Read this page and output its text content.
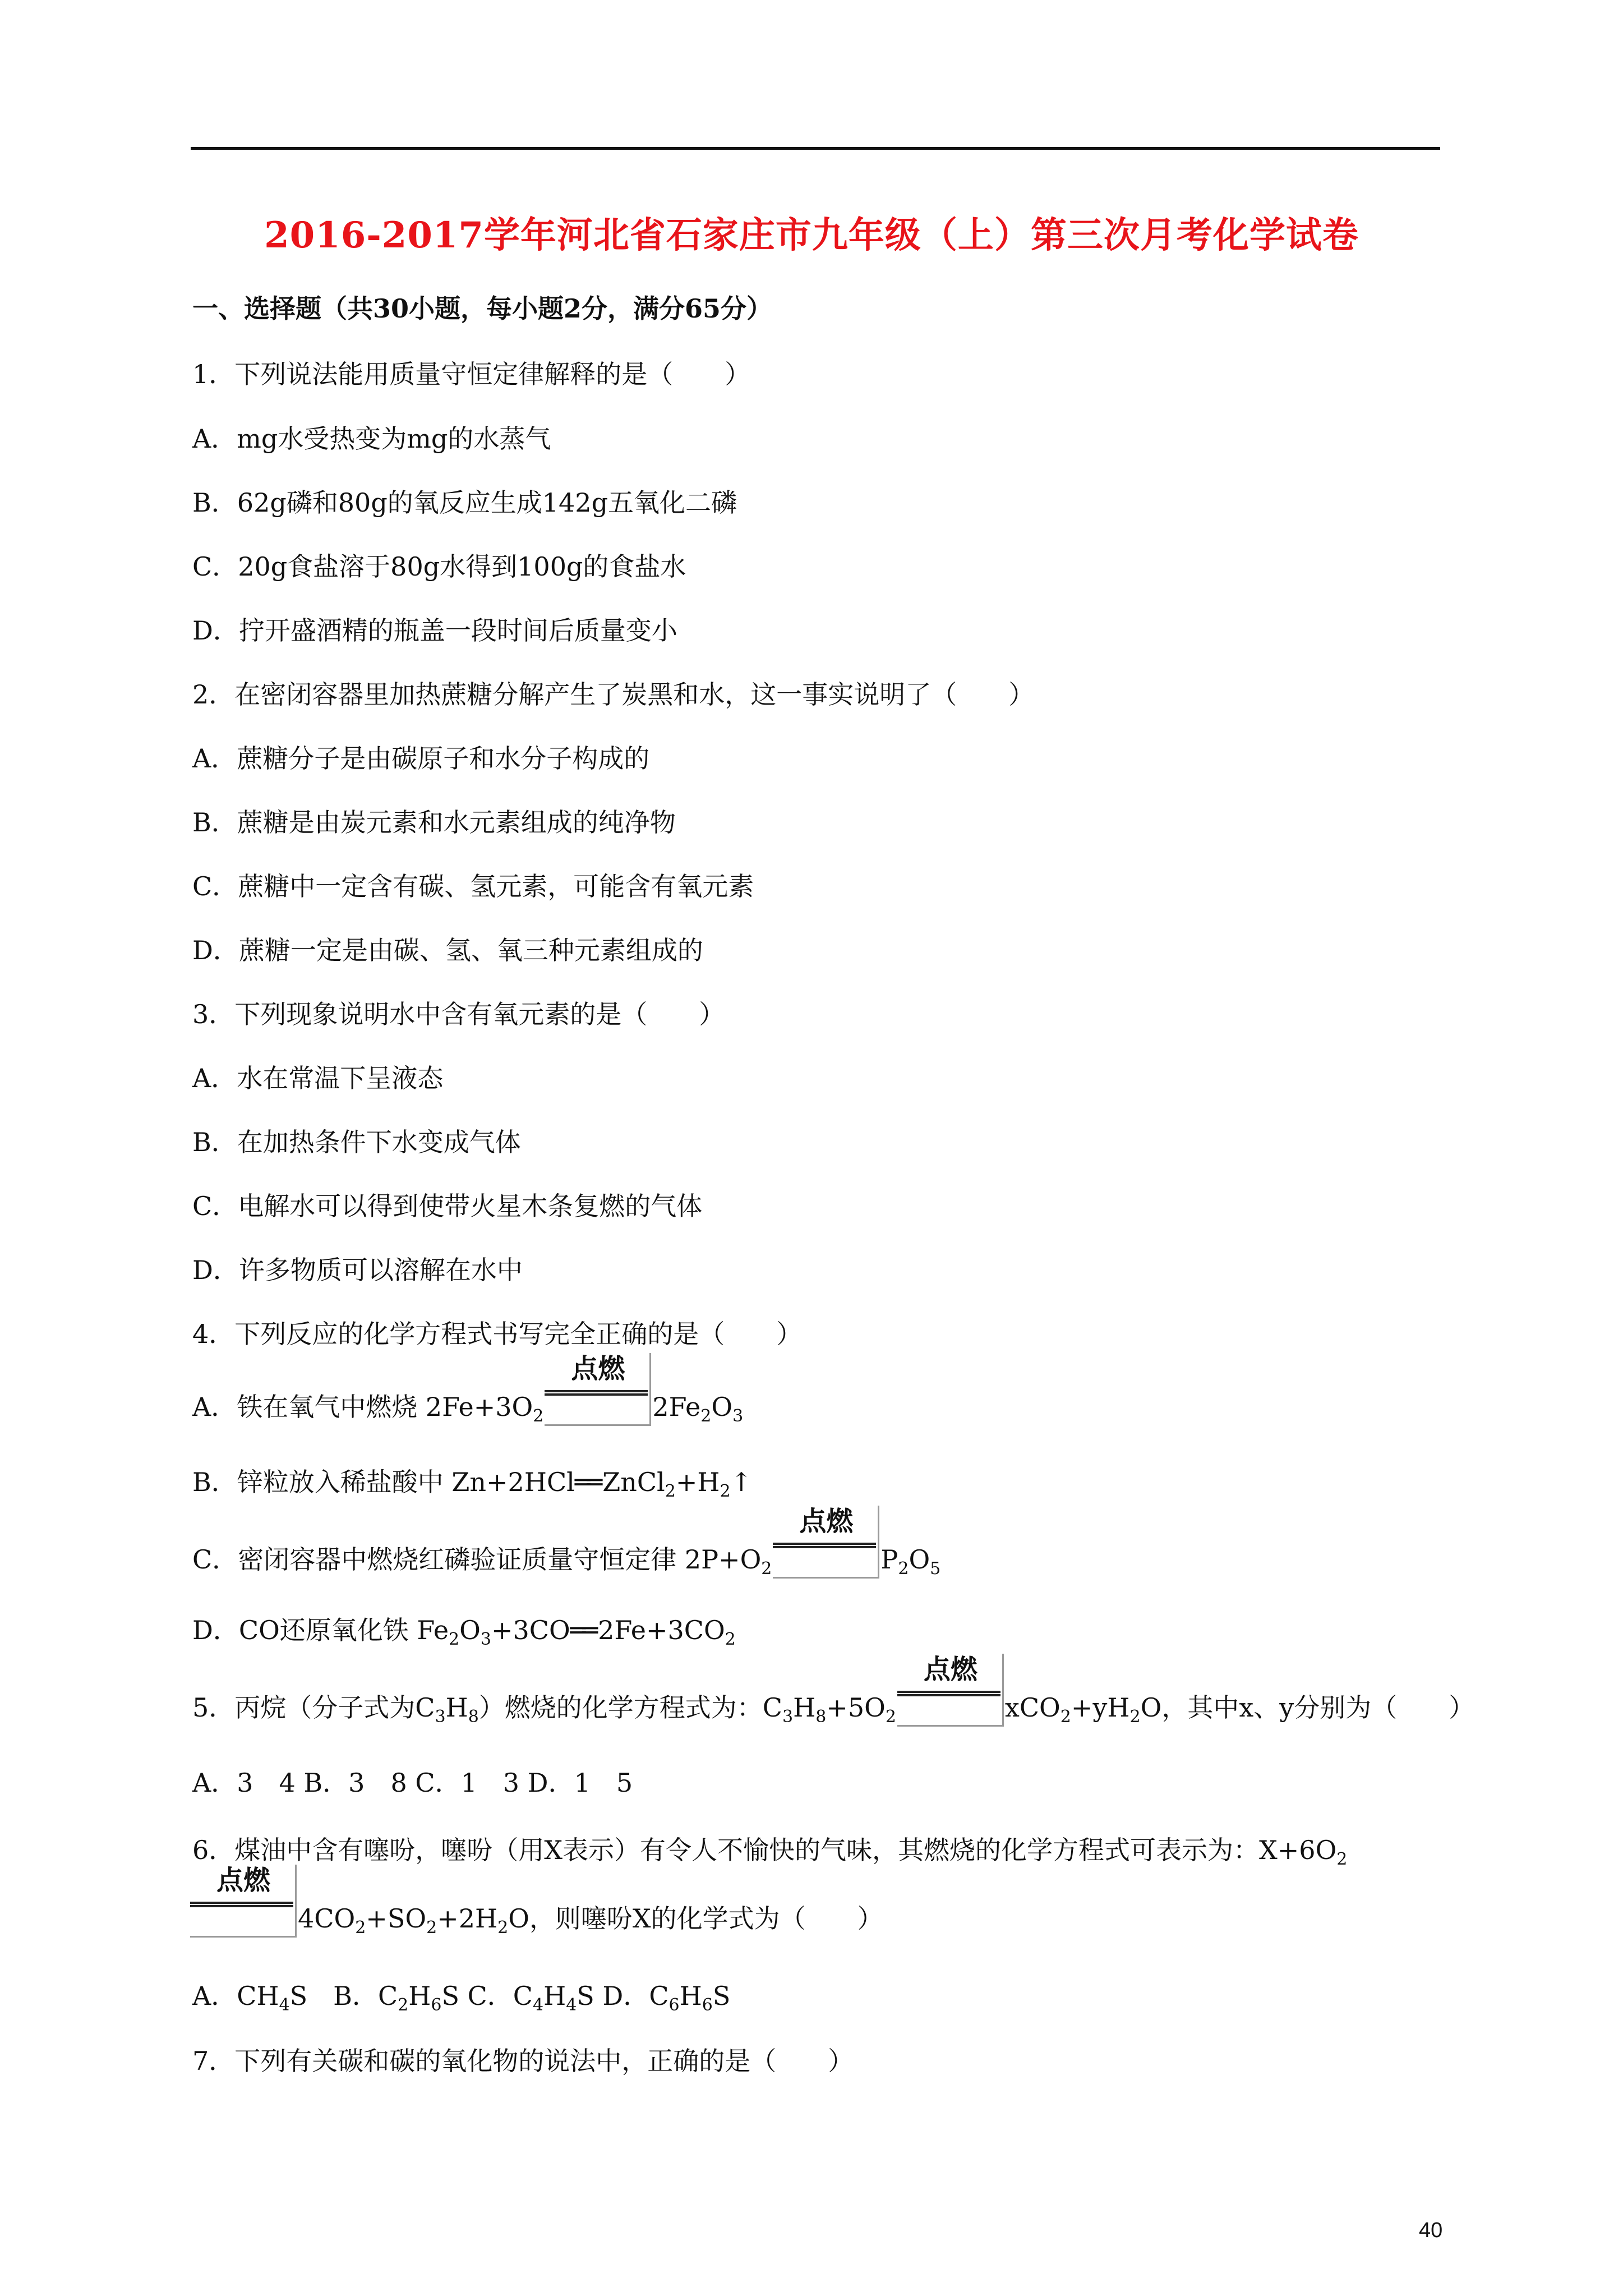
2016-2017学年河北省石家庄市九年级（上）第三次月考化学试卷
一、选择题（共30小题，每小题2分，满分65分）
1．下列说法能用质量守恒定律解释的是（　　）
A．mg水受热变为mg的水蒸气
B．62g磷和80g的氧反应生成142g五氧化二磷
C．20g食盐溶于80g水得到100g的食盐水
D．拧开盛酒精的瓶盖一段时间后质量变小
2．在密闭容器里加热蔗糖分解产生了炭黑和水，这一事实说明了（　　）
A．蔗糖分子是由碳原子和水分子构成的
B．蔗糖是由炭元素和水元素组成的纯净物
C．蔗糖中一定含有碳、氢元素，可能含有氧元素
D．蔗糖一定是由碳、氢、氧三种元素组成的
3．下列现象说明水中含有氧元素的是（　　）
A．水在常温下呈液态
B．在加热条件下水变成气体
C．电解水可以得到使带火星木条复燃的气体
D．许多物质可以溶解在水中
4．下列反应的化学方程式书写完全正确的是（　　）
A．铁在氧气中燃烧 $2Fe+3O_2$
点燃
$2Fe_2O_3$
B．锌粒放入稀盐酸中 Zn+2HCl══ $ZnCl_2+H_2↑$
C．密闭容器中燃烧红磷验证质量守恒定律 $2P+O_2$
点燃
$P_2O_5$
D．CO还原氧化铁 $Fe_2O_3+3CO══$ $2Fe+3CO_2$
5．丙烷（分子式为$C_3H_8$）燃烧的化学方程式为：$C_3H_8+5O_2$
点燃
$xCO_2+yH_2O$，其中x、y分别为（　　）
A．3　4 B．3　8 C．1　3 D．1　5
6．煤油中含有噻吩，噻吩（用X表示）有令人不愉快的气味，其燃烧的化学方程式可表示为：$X+6O_2$
点燃
$4CO_2+SO_2+2H_2O$，则噻吩X的化学式为（　　）
A．$CH_4S$　B．$C_2H_6S$ C．$C_4H_4S$ D．$C_6H_6S$
7．下列有关碳和碳的氧化物的说法中，正确的是（　　）
40
